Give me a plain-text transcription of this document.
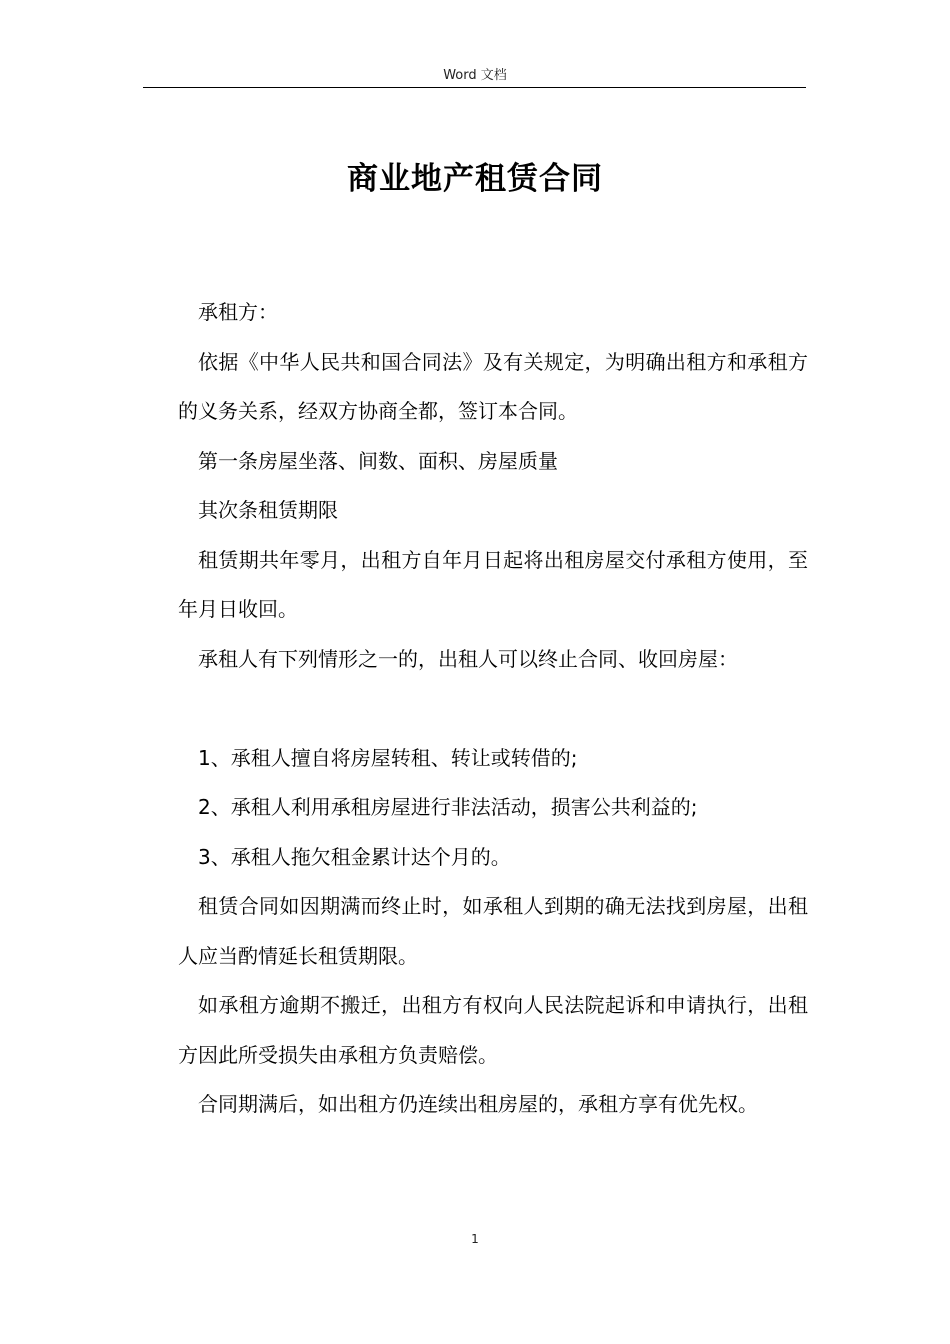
Word 文档
商业地产租赁合同

承租方：

依据《中华人民共和国合同法》及有关规定，为明确出租方和承租方的义务关系，经双方协商全都，签订本合同。

第一条房屋坐落、间数、面积、房屋质量

其次条租赁期限

租赁期共年零月，出租方自年月日起将出租房屋交付承租方使用，至年月日收回。

承租人有下列情形之一的，出租人可以终止合同、收回房屋：

1、承租人擅自将房屋转租、转让或转借的;

2、承租人利用承租房屋进行非法活动，损害公共利益的;

3、承租人拖欠租金累计达个月的。

租赁合同如因期满而终止时，如承租人到期的确无法找到房屋，出租人应当酌情延长租赁期限。

如承租方逾期不搬迁，出租方有权向人民法院起诉和申请执行，出租方因此所受损失由承租方负责赔偿。

合同期满后，如出租方仍连续出租房屋的，承租方享有优先权。

1
